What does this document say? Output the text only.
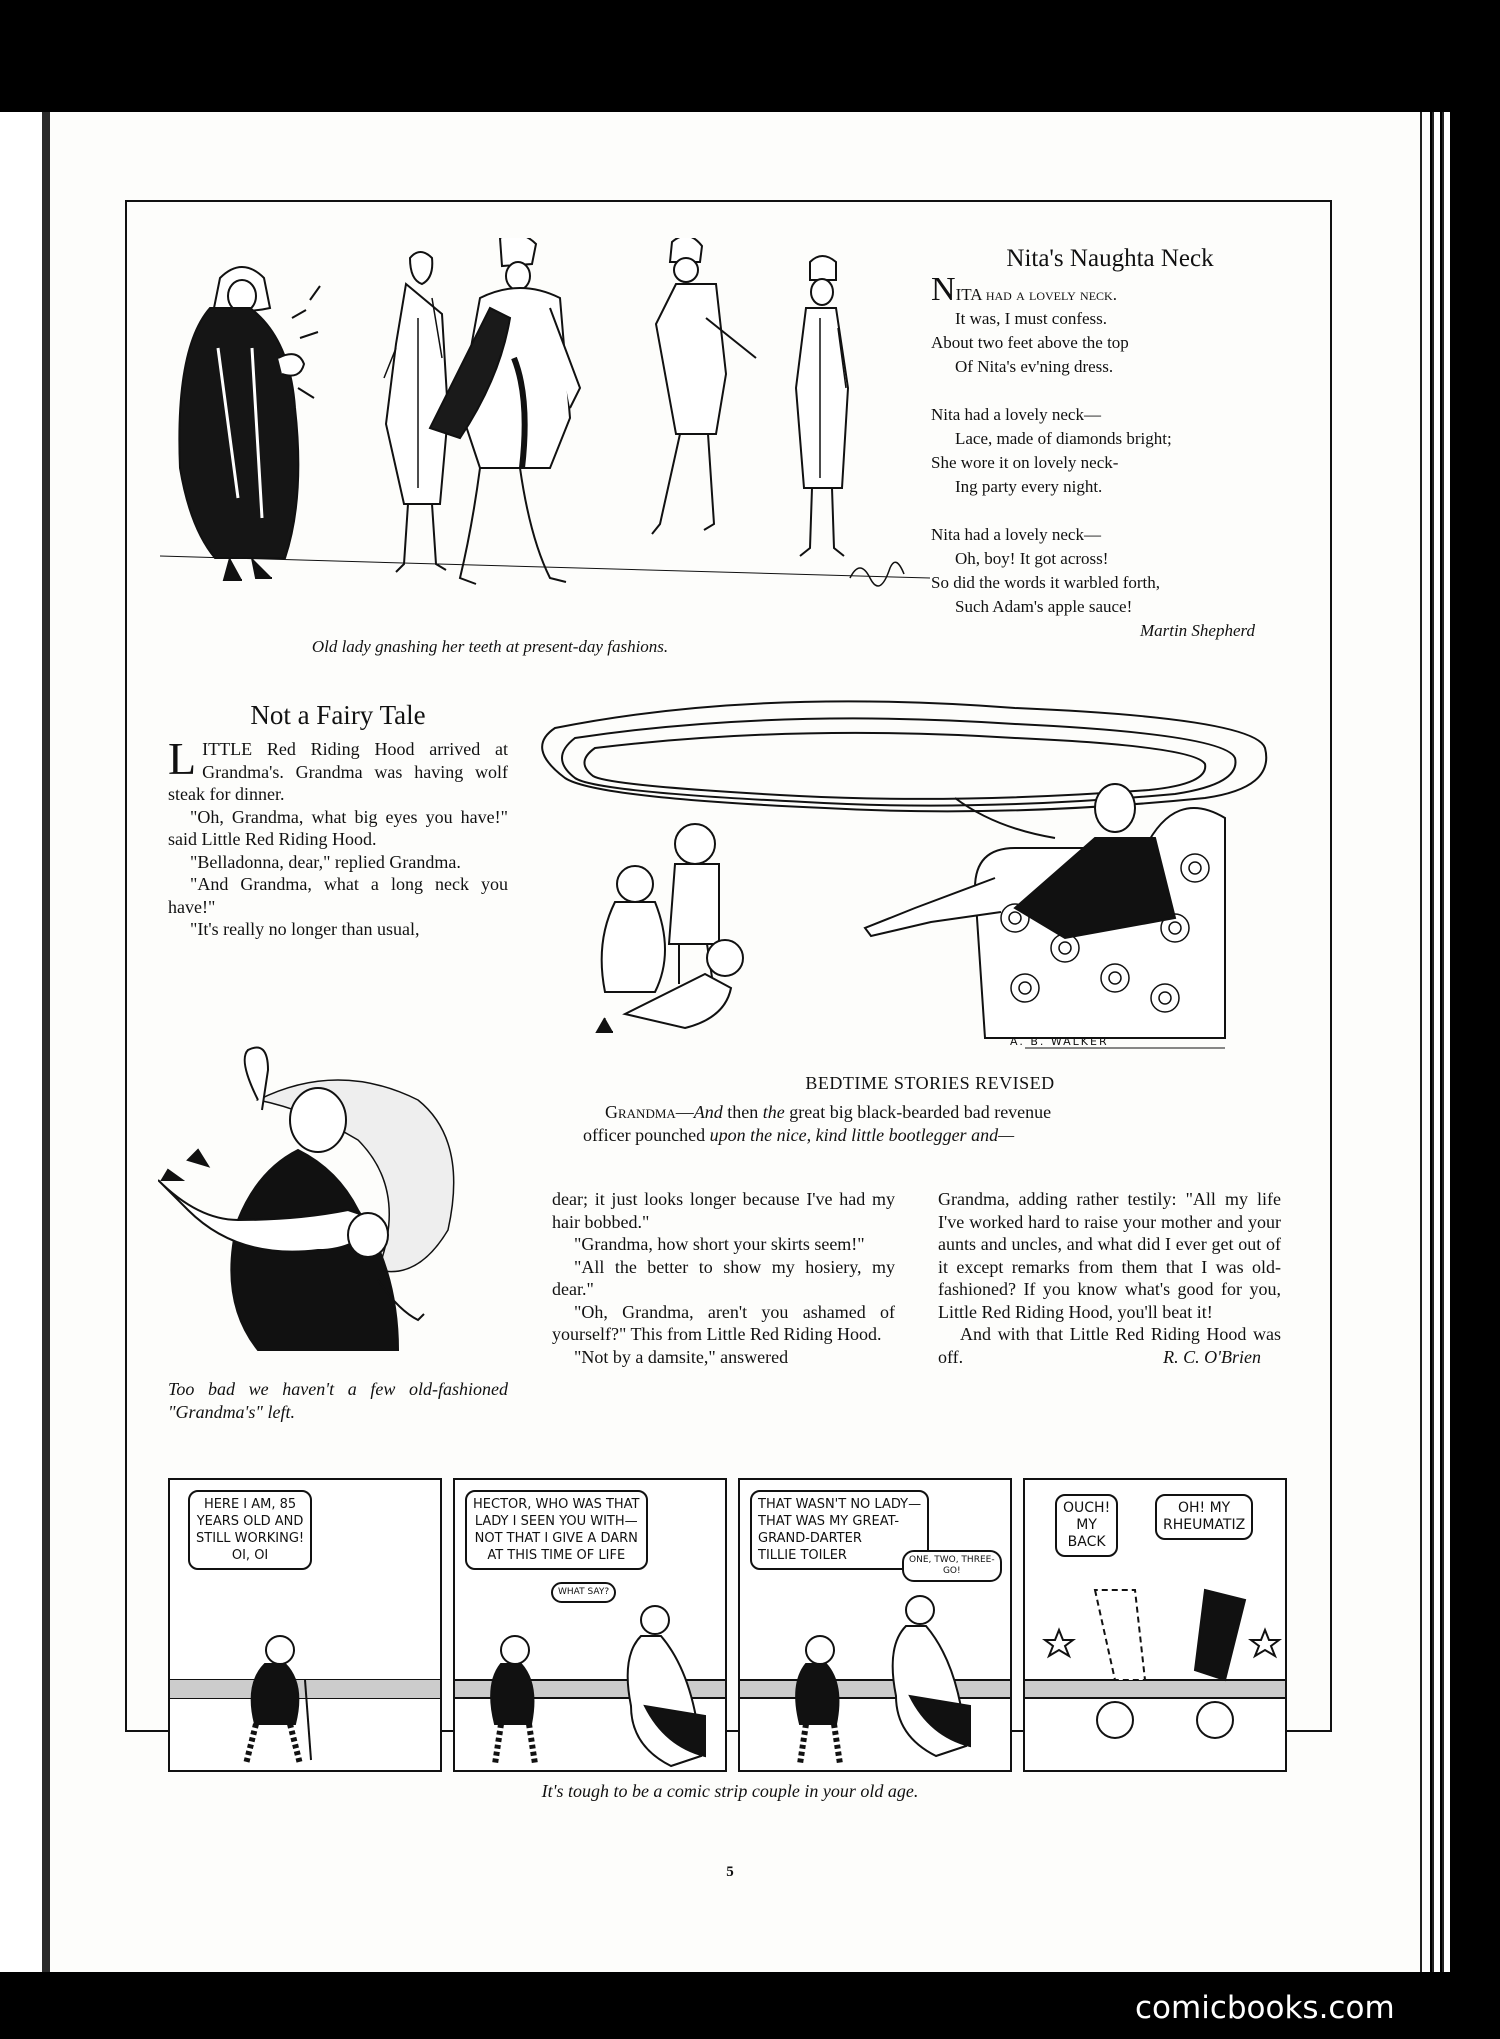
Old lady gnashing her teeth at present-day fashions.
Nita's Naughta Neck
NITA had a lovely neck.
It was, I must confess.
About two feet above the top
Of Nita's ev'ning dress.
Nita had a lovely neck—
Lace, made of diamonds bright;
She wore it on lovely neck-
Ing party every night.
Nita had a lovely neck—
Oh, boy! It got across!
So did the words it warbled forth,
Such Adam's apple sauce!
Martin Shepherd
Not a Fairy Tale

LITTLE Red Riding Hood arrived at Grandma's. Grandma was having wolf steak for dinner.

"Oh, Grandma, what big eyes you have!" said Little Red Riding Hood.

"Belladonna, dear," replied Grandma.

"And Grandma, what a long neck you have!"

"It's really no longer than usual,

A. B. WALKER
BEDTIME STORIES REVISED
Grandma—And then the great big black-bearded bad revenue officer pounched upon the nice, kind little bootlegger and—
Too bad we haven't a few old-fashioned "Grandma's" left.

dear; it just looks longer because I've had my hair bobbed."

"Grandma, how short your skirts seem!"

"All the better to show my hosiery, my dear."

"Oh, Grandma, aren't you ashamed of yourself?" This from Little Red Riding Hood.

"Not by a damsite," answered

Grandma, adding rather testily: "All my life I've worked hard to raise your mother and your aunts and uncles, and what did I ever get out of it except remarks from them that I was old-fashioned? If you know what's good for you, Little Red Riding Hood, you'll beat it!

And with that Little Red Riding Hood was off.	R. C. O'Brien
HERE I AM, 85
YEARS OLD AND
STILL WORKING!
OI, OI
HECTOR, WHO WAS THAT
LADY I SEEN YOU WITH—
NOT THAT I GIVE A DARN
AT THIS TIME OF LIFE
WHAT SAY?
THAT WASN'T NO LADY—
THAT WAS MY GREAT-
GRAND-DARTER
TILLIE TOILER	ONE, TWO, THREE-
GO!
OUCH!
MY
BACK
OH! MY
RHEUMATIZ
It's tough to be a comic strip couple in your old age.
5
comicbooks.com
